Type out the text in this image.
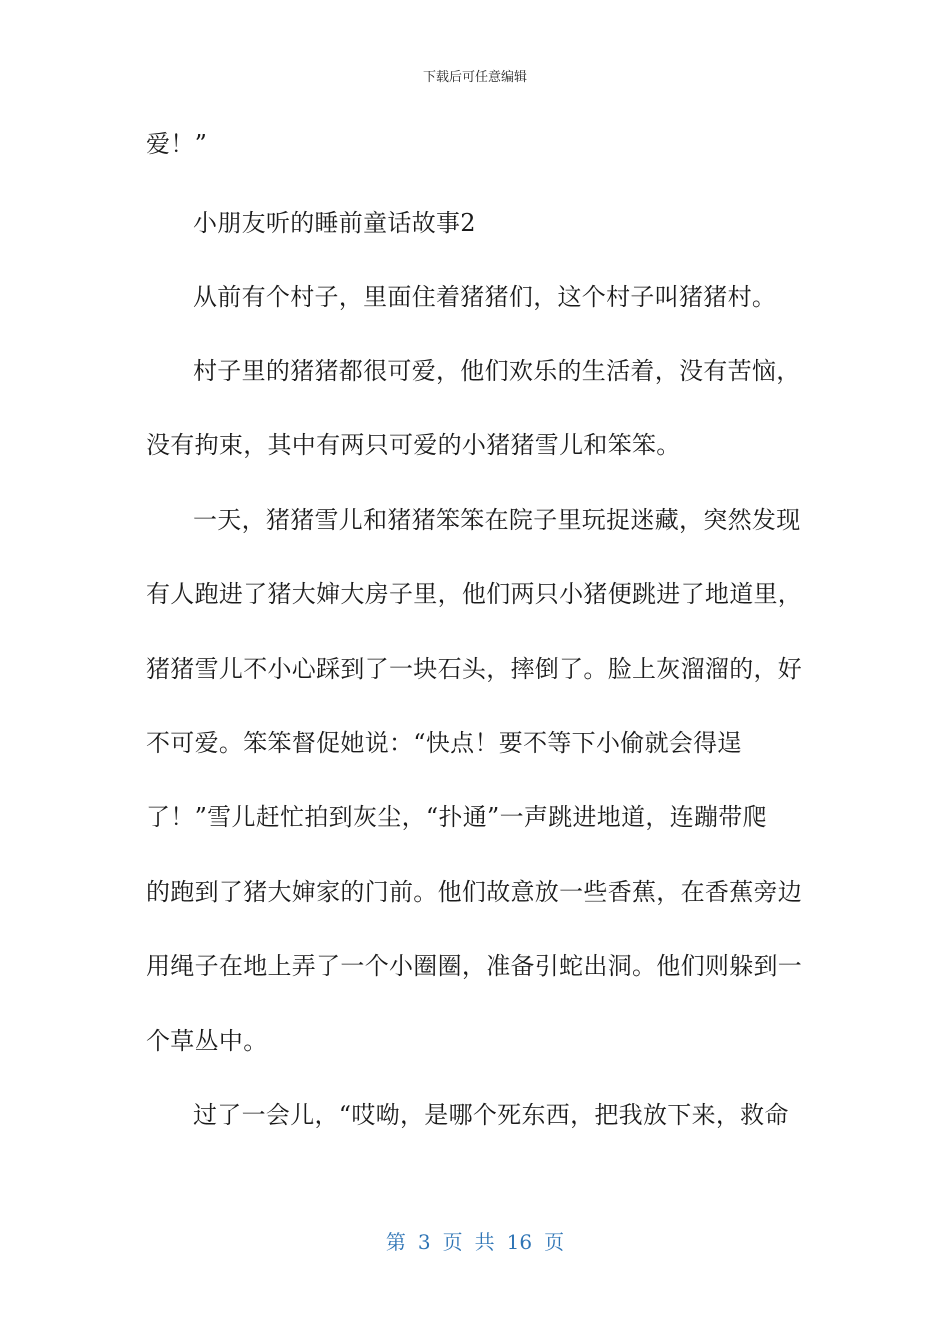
下载后可任意编辑
爱！”
小朋友听的睡前童话故事2
从前有个村子，里面住着猪猪们，这个村子叫猪猪村。
村子里的猪猪都很可爱，他们欢乐的生活着，没有苦恼，
没有拘束，其中有两只可爱的小猪猪雪儿和笨笨。
一天，猪猪雪儿和猪猪笨笨在院子里玩捉迷藏，突然发现
有人跑进了猪大婶大房子里，他们两只小猪便跳进了地道里，
猪猪雪儿不小心踩到了一块石头，摔倒了。脸上灰溜溜的，好
不可爱。笨笨督促她说：“快点！要不等下小偷就会得逞
了！”雪儿赶忙拍到灰尘，“扑通”一声跳进地道，连蹦带爬
的跑到了猪大婶家的门前。他们故意放一些香蕉，在香蕉旁边
用绳子在地上弄了一个小圈圈，准备引蛇出洞。他们则躲到一
个草丛中。
过了一会儿，“哎呦，是哪个死东西，把我放下来，救命
第 3 页 共 16 页
